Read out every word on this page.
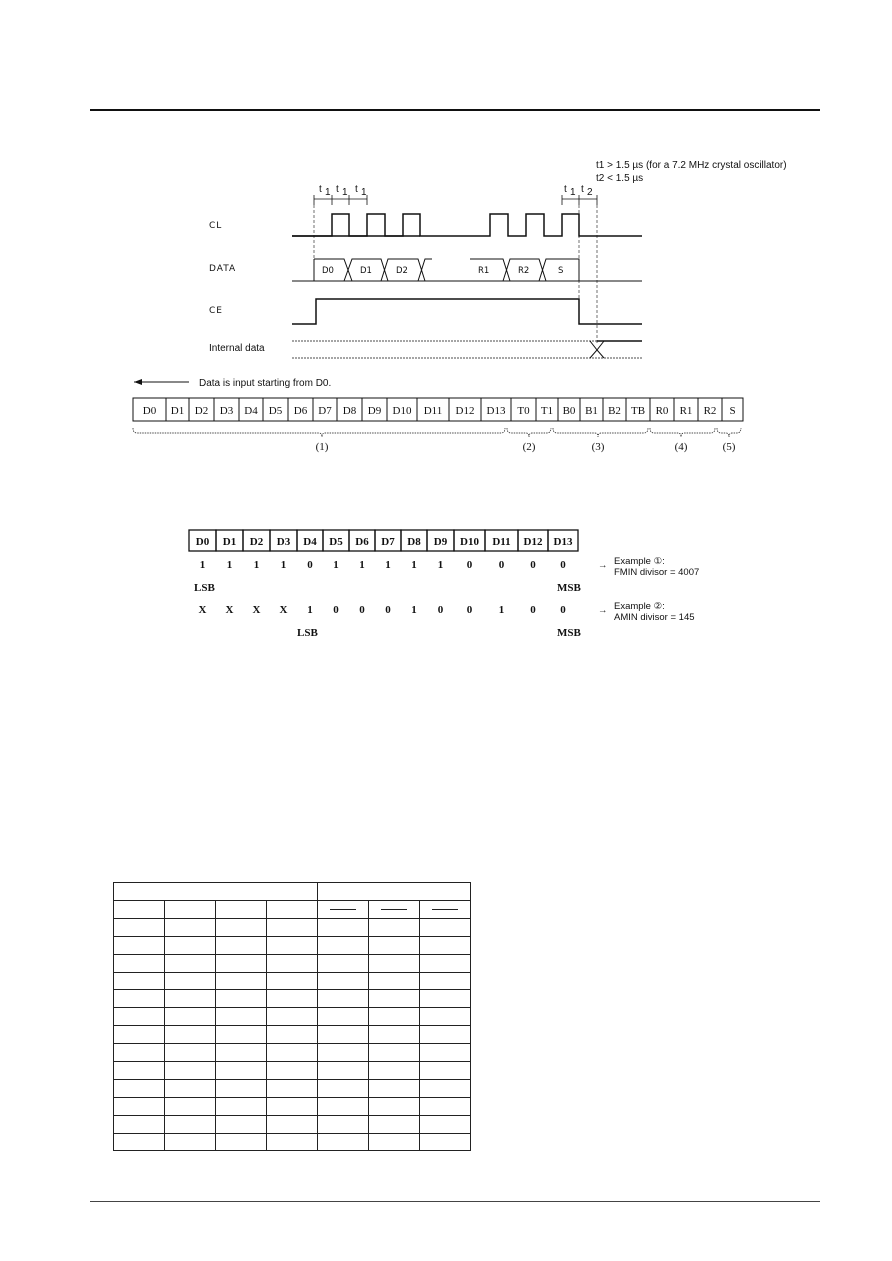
t1 > 1.5 µs (for a 7.2 MHz crystal oscillator)
t2 < 1.5 µs
t 1 t 1 t 1	t 1 t 2
CL
DATA
CE
Internal data
D0	D1	D2	R1	R2	S
Data is input starting from D0.
D0 D1 D2 D3 D4 D5 D6 D7 D8 D9 D10 D11 D12 D13 T0 T1 B0 B1 B2 TB R0 R1 R2 S
(1)	(2)	(3)	(4)	(5)
D0 D1 D2 D3 D4 D5 D6 D7 D8 D9 D10 D11 D12 D13
1 1 1 1 0 1 1 1 1 1 0 0 0 0
X X X X 1 0 0 0 1 0 0 1 0 0
LSB	MSB
LSB	MSB
→ Example ①:
FMIN divisor = 4007
→ Example ②:
AMIN divisor = 145
